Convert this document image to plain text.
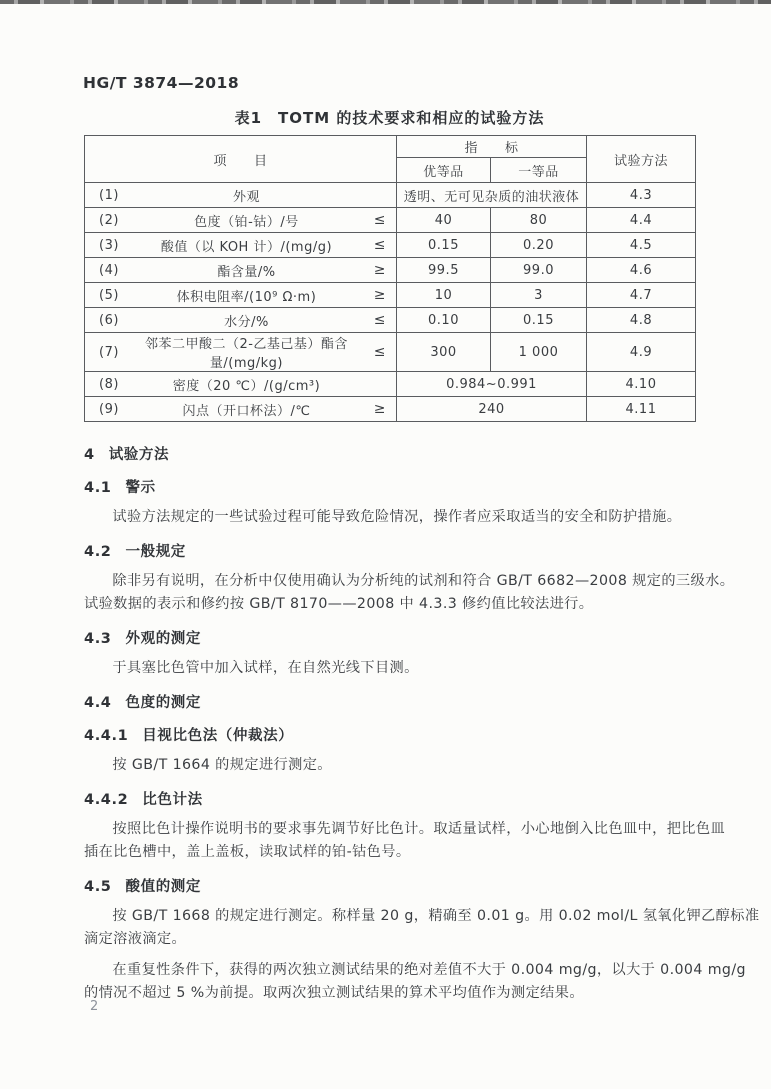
HG/T 3874—2018
表1　TOTM 的技术要求和相应的试验方法
项　　目	指　　标		试验方法
	优等品	一等品	

(1) 外观	透明、无可见杂质的油状液体		4.3

(2) 色度（铂-钴）/号 ≤	40	80	4.4

(3) 酸值（以 KOH 计）/(mg/g) ≤	0.15	0.20	4.5

(4) 酯含量/% ≥	99.5	99.0	4.6

(5) 体积电阻率/(10⁹ Ω·m) ≥	10	3	4.7

(6) 水分/% ≤	0.10	0.15	4.8

(7) 邻苯二甲酸二（2-乙基己基）酯含量/(mg/kg)
≤	300	1 000	4.9

(8) 密度（20 ℃）/(g/cm³)	0.984~0.991		4.10

(9) 闪点（开口杯法）/℃ ≥	240		4.11
4 试验方法
4.1 警示
试验方法规定的一些试验过程可能导致危险情况，操作者应采取适当的安全和防护措施。
4.2 一般规定
除非另有说明，在分析中仅使用确认为分析纯的试剂和符合 GB/T 6682—2008 规定的三级水。
试验数据的表示和修约按 GB/T 8170——2008 中 4.3.3 修约值比较法进行。
4.3 外观的测定
于具塞比色管中加入试样，在自然光线下目测。
4.4 色度的测定
4.4.1 目视比色法（仲裁法）
按 GB/T 1664 的规定进行测定。
4.4.2 比色计法
按照比色计操作说明书的要求事先调节好比色计。取适量试样，小心地倒入比色皿中，把比色皿
插在比色槽中，盖上盖板，读取试样的铂-钴色号。
4.5 酸值的测定
按 GB/T 1668 的规定进行测定。称样量 20 g，精确至 0.01 g。用 0.02 mol/L 氢氧化钾乙醇标准
滴定溶液滴定。
在重复性条件下，获得的两次独立测试结果的绝对差值不大于 0.004 mg/g，以大于 0.004 mg/g
的情况不超过 5 %为前提。取两次独立测试结果的算术平均值作为测定结果。
2
